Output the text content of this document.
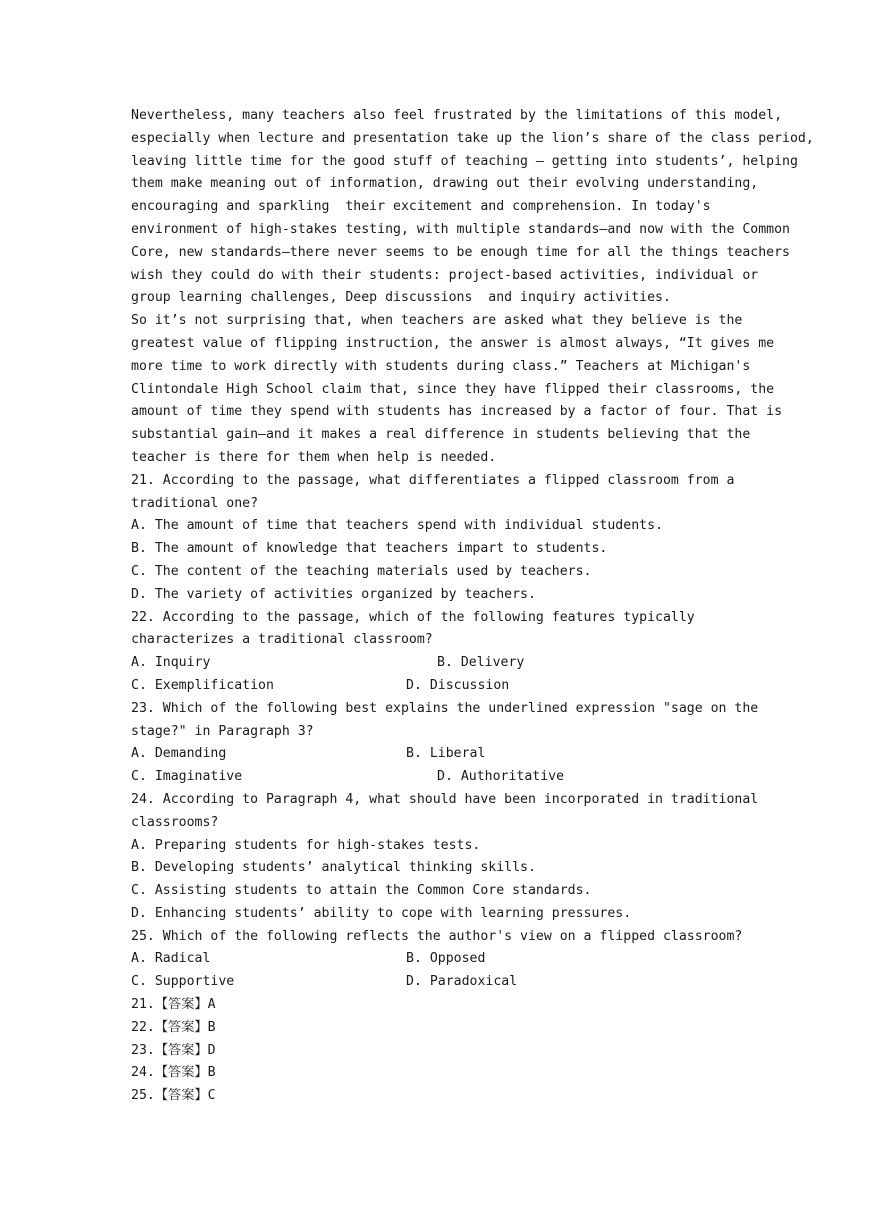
Nevertheless, many teachers also feel frustrated by the limitations of this model,
especially when lecture and presentation take up the lion’s share of the class period,
leaving little time for the good stuff of teaching — getting into students’, helping
them make meaning out of information, drawing out their evolving understanding,
encouraging and sparkling  their excitement and comprehension. In today's
environment of high-stakes testing, with multiple standards—and now with the Common
Core, new standards—there never seems to be enough time for all the things teachers
wish they could do with their students: project-based activities, individual or
group learning challenges, Deep discussions  and inquiry activities.
So it’s not surprising that, when teachers are asked what they believe is the
greatest value of flipping instruction, the answer is almost always, “It gives me
more time to work directly with students during class.” Teachers at Michigan's
Clintondale High School claim that, since they have flipped their classrooms, the
amount of time they spend with students has increased by a factor of four. That is
substantial gain—and it makes a real difference in students believing that the
teacher is there for them when help is needed.
21. According to the passage, what differentiates a flipped classroom from a
traditional one?
A. The amount of time that teachers spend with individual students.
B. The amount of knowledge that teachers impart to students.
C. The content of the teaching materials used by teachers.
D. The variety of activities organized by teachers.
22. According to the passage, which of the following features typically
characterizes a traditional classroom?
A. Inquiry	B. Delivery
C. Exemplification	D. Discussion
23. Which of the following best explains the underlined expression "sage on the
stage?" in Paragraph 3?
A. Demanding	B. Liberal
C. Imaginative	D. Authoritative
24. According to Paragraph 4, what should have been incorporated in traditional
classrooms?
A. Preparing students for high-stakes tests.
B. Developing students’ analytical thinking skills.
C. Assisting students to attain the Common Core standards.
D. Enhancing students’ ability to cope with learning pressures.
25. Which of the following reflects the author's view on a flipped classroom?
A. Radical	B. Opposed
C. Supportive	D. Paradoxical
21.【答案】A
22.【答案】B
23.【答案】D
24.【答案】B
25.【答案】C
